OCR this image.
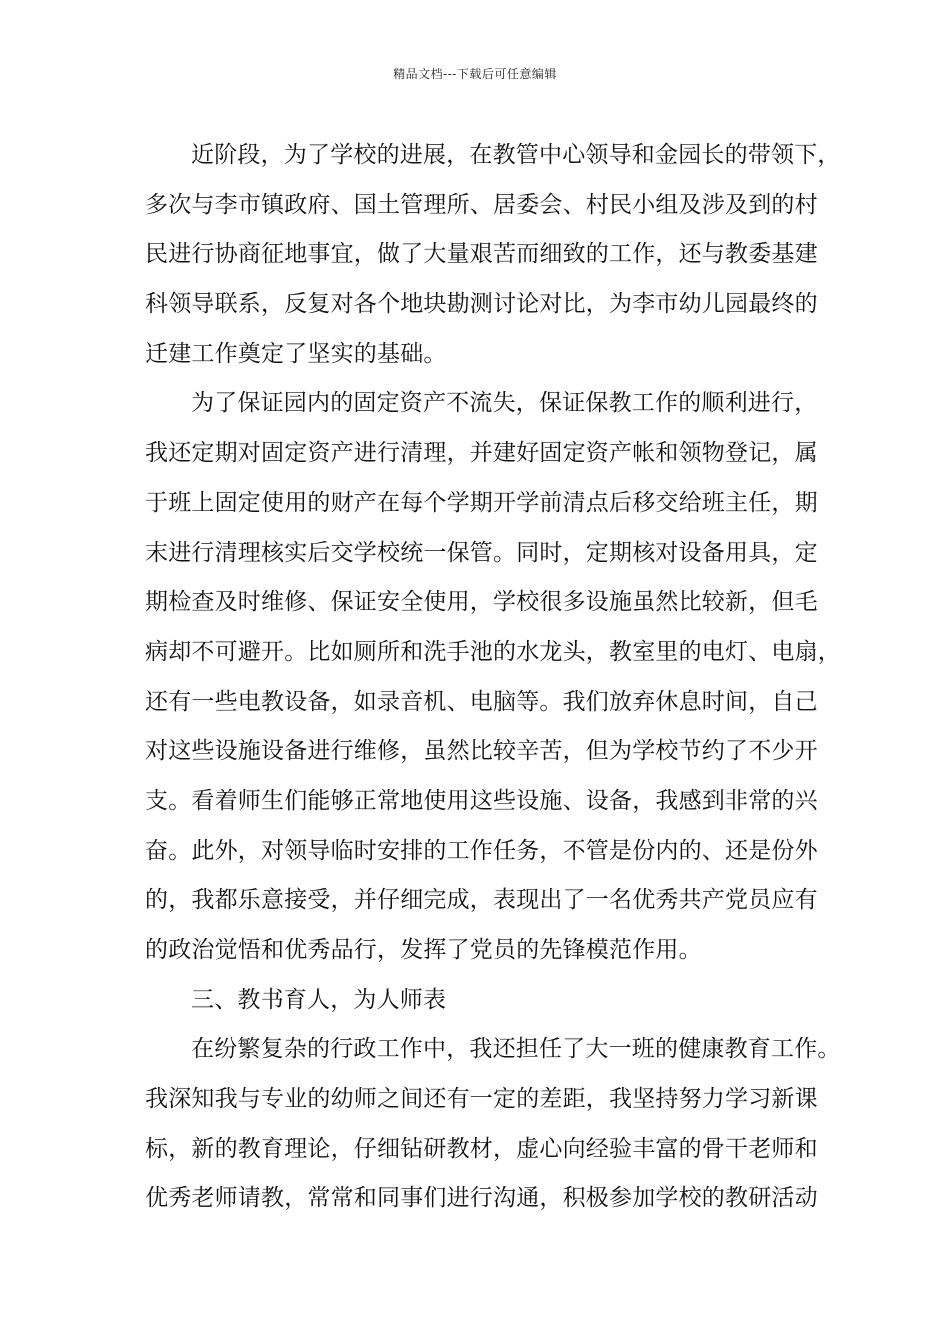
精品文档---下载后可任意编辑
近阶段，为了学校的进展，在教管中心领导和金园长的带领下，
多次与李市镇政府、国土管理所、居委会、村民小组及涉及到的村
民进行协商征地事宜，做了大量艰苦而细致的工作，还与教委基建
科领导联系，反复对各个地块勘测讨论对比，为李市幼儿园最终的
迁建工作奠定了坚实的基础。
为了保证园内的固定资产不流失，保证保教工作的顺利进行，
我还定期对固定资产进行清理，并建好固定资产帐和领物登记，属
于班上固定使用的财产在每个学期开学前清点后移交给班主任，期
末进行清理核实后交学校统一保管。同时，定期核对设备用具，定
期检查及时维修、保证安全使用，学校很多设施虽然比较新，但毛
病却不可避开。比如厕所和洗手池的水龙头，教室里的电灯、电扇，
还有一些电教设备，如录音机、电脑等。我们放弃休息时间，自己
对这些设施设备进行维修，虽然比较辛苦，但为学校节约了不少开
支。看着师生们能够正常地使用这些设施、设备，我感到非常的兴
奋。此外，对领导临时安排的工作任务，不管是份内的、还是份外
的，我都乐意接受，并仔细完成，表现出了一名优秀共产党员应有
的政治觉悟和优秀品行，发挥了党员的先锋模范作用。
三、教书育人，为人师表
在纷繁复杂的行政工作中，我还担任了大一班的健康教育工作。
我深知我与专业的幼师之间还有一定的差距，我坚持努力学习新课
标，新的教育理论，仔细钻研教材，虚心向经验丰富的骨干老师和
优秀老师请教，常常和同事们进行沟通，积极参加学校的教研活动
